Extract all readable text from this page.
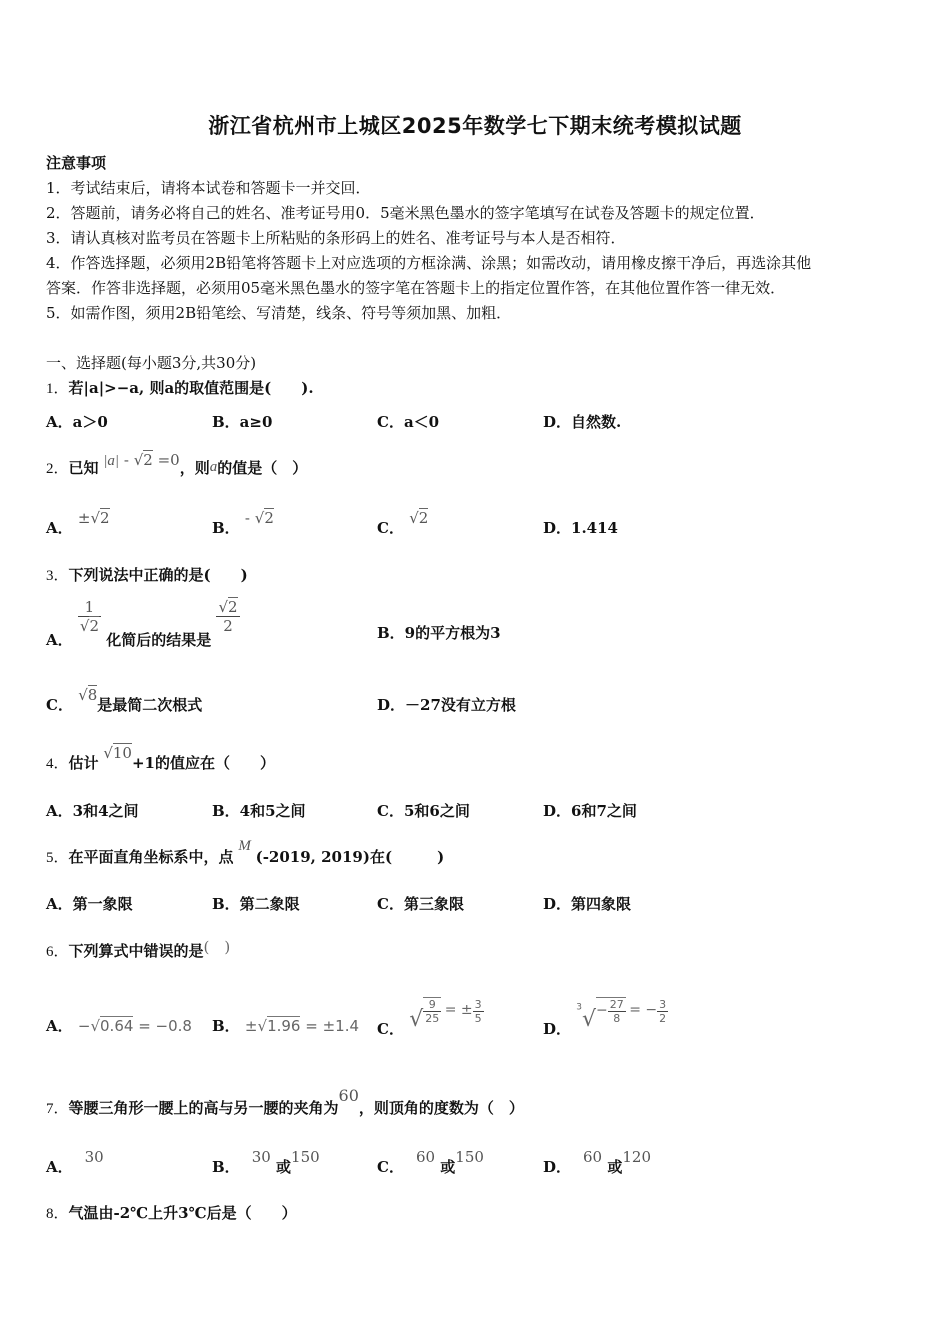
浙江省杭州市上城区2025年数学七下期末统考模拟试题
注意事项
1．考试结束后，请将本试卷和答题卡一并交回．
2．答题前，请务必将自己的姓名、准考证号用0．5毫米黑色墨水的签字笔填写在试卷及答题卡的规定位置．
3．请认真核对监考员在答题卡上所粘贴的条形码上的姓名、准考证号与本人是否相符．
4．作答选择题，必须用2B铅笔将答题卡上对应选项的方框涂满、涂黑；如需改动，请用橡皮擦干净后，再选涂其他
答案．作答非选择题，必须用05毫米黑色墨水的签字笔在答题卡上的指定位置作答，在其他位置作答一律无效．
5．如需作图，须用2B铅笔绘、写清楚，线条、符号等须加黑、加粗．
一、选择题(每小题3分,共30分)
1．若|a|>−a, 则a的取值范围是(　　).
A．a＞0	B．a≥0	C．a＜0	D．自然数.
2．已知 |a| - √2 =0，则a的值是（　）
A． ±√2
B． - √2
C． √2
D．1.414
3．下列说法中正确的是(　　)
A．
$\frac{1}{√2}$
化简后的结果是
$\frac{√2}{2}$	B．9的平方根为3
C． √8是最简二次根式	D．－27没有立方根
4．估计 √10+1的值应在（　　）
A．3和4之间	B．4和5之间	C．5和6之间	D．6和7之间
5．在平面直角坐标系中，点 M (-2019, 2019)在(　　　)
A．第一象限	B．第二象限	C．第三象限	D．第四象限
6．下列算式中错误的是(　)
A． −√0.64 = −0.8 B． ±√1.96 = ±1.4 C． √ $\frac{9}{25}$ = ± $\frac{3}{5}$
D． $^3√- \frac{27}{8}$ = − $\frac{3}{2}$
7．等腰三角形一腰上的高与另一腰的夹角为60，则顶角的度数为（　）
A．30
B．30 或150
C．60 或150
D．60 或120
8．气温由-2℃上升3℃后是（　　）
